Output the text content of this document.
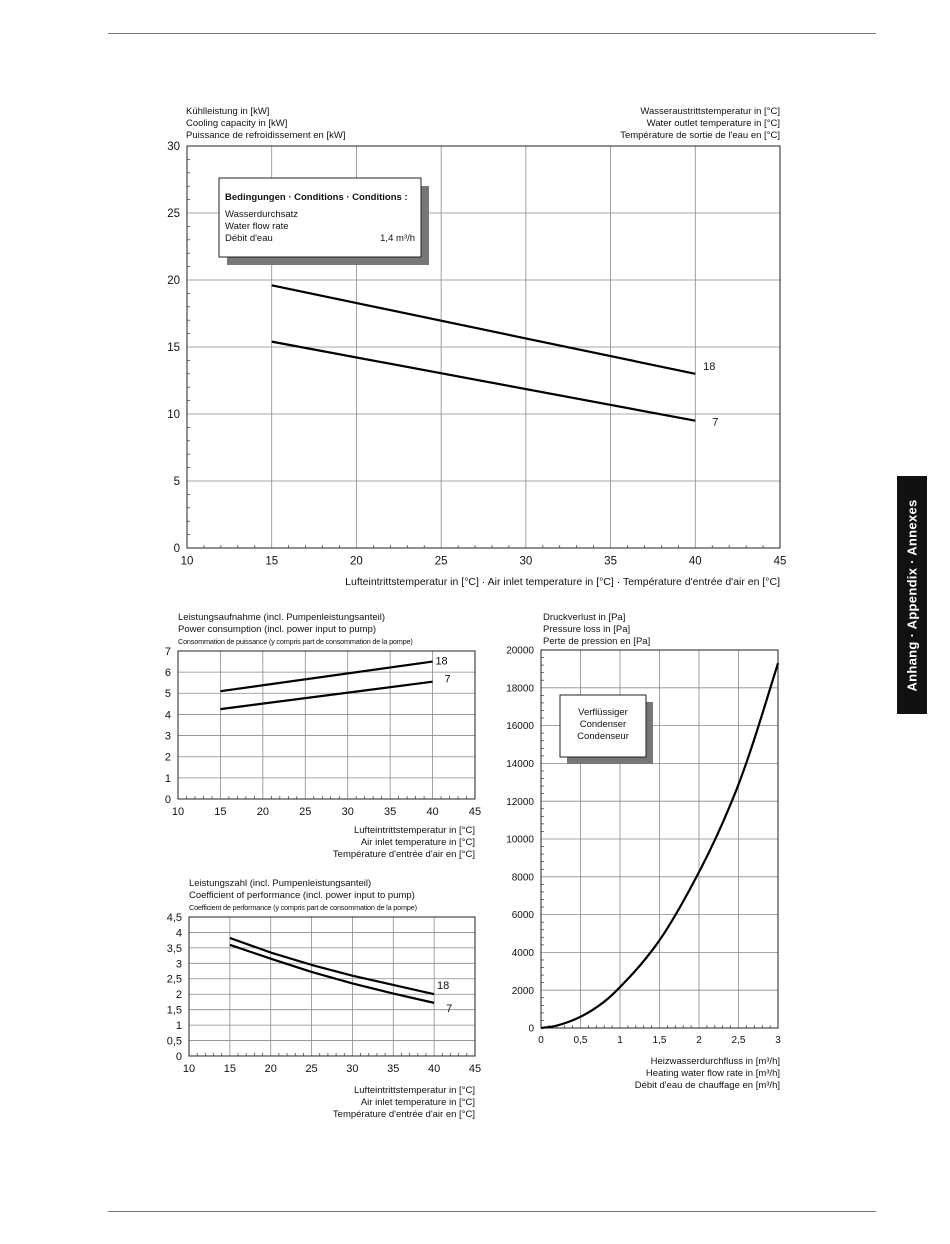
Anhang · Appendix · Annexes
10	15	20	25	30	35	40	45
0
5
10
15
20
25
30
Kühlleistung in [kW]
Cooling capacity in [kW]
Puissance de refroidissement en [kW]
Wasseraustrittstemperatur in [°C]
Water outlet temperature in [°C]
Température de sortie de l'eau en [°C]
Lufteintrittstemperatur in [°C] · Air inlet temperature in [°C] · Température d'entrée d'air en [°C]
18
7
Bedingungen · Conditions · Conditions :
Wasserdurchsatz
Water flow rate
Débit d'eau	1,4 m³/h
10	15	20	25	30	35	40	45
0
1
2
3
4
5
6
7
Leistungsaufnahme (incl. Pumpenleistungsanteil)
Power consumption (incl. power input to pump)
Consommation de puissance (y compris part de consommation de la pompe)
Lufteintrittstemperatur in [°C]
Air inlet temperature in [°C]
Température d'entrée d'air en [°C]
18
7
10	15	20	25	30	35	40	45
0
0,5
1
1,5
2
2,5
3
3,5
4
4,5
Leistungszahl (incl. Pumpenleistungsanteil)
Coefficient of performance (incl. power input to pump)
Coefficient de performance (y compris part de consommation de la pompe)
Lufteintrittstemperatur in [°C]
Air inlet temperature in [°C]
Température d'entrée d'air en [°C]
18
7
0	0,5	1	1,5	2	2,5	3
0
2000
4000
6000
8000
10000
12000
14000
16000
18000
20000
Druckverlust in [Pa]
Pressure loss in [Pa]
Perte de pression en [Pa]
Heizwasserdurchfluss in [m³/h]
Heating water flow rate in [m³/h]
Débit d'eau de chauffage en [m³/h]
Verflüssiger
Condenser
Condenseur
